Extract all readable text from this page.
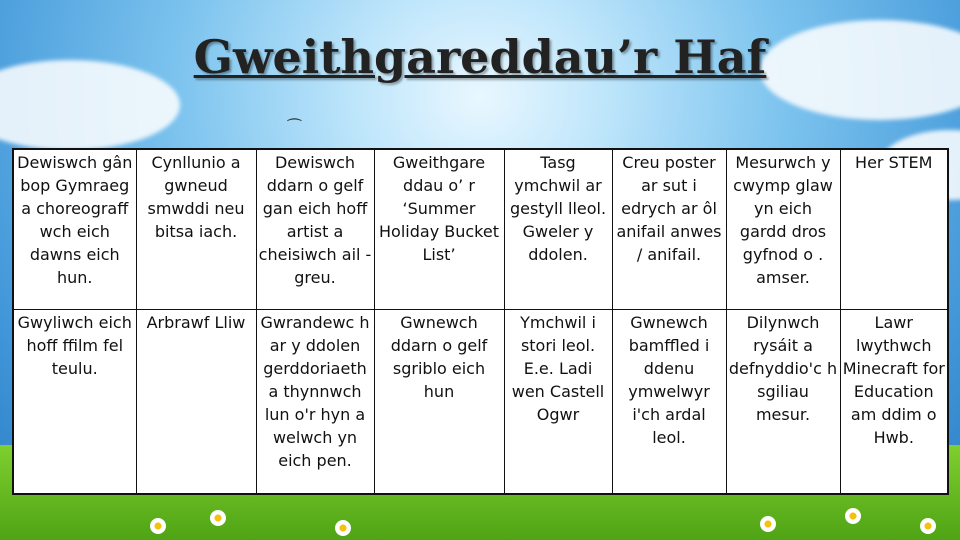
⁀
Gweithgareddau’r Haf
Dewiswch gân bop Gymraeg a choreograff wch eich dawns eich hun.	Cynllunio a gwneud smwddi neu bitsa iach.	Dewiswch ddarn o gelf gan eich hoff artist a cheisiwch ail -greu.	Gweithgare ddau o’ r ‘Summer Holiday Bucket List’	Tasg ymchwil ar gestyll lleol. Gweler y ddolen.	Creu poster ar sut i edrych ar ôl anifail anwes / anifail.	Mesurwch y cwymp glaw yn eich gardd dros gyfnod o . amser.	Her STEM
Gwyliwch eich hoff ffilm fel teulu.	Arbrawf Lliw	Gwrandewc h ar y ddolen gerddoriaeth a thynnwch lun o'r hyn a welwch yn eich pen.	Gwnewch ddarn o gelf sgriblo eich hun	Ymchwil i stori leol. E.e. Ladi wen Castell Ogwr	Gwnewch bamffled i ddenu ymwelwyr i'ch ardal leol.	Dilynwch rysáit a defnyddio'c h sgiliau mesur.	Lawr lwythwch Minecraft for Education am ddim o Hwb.
